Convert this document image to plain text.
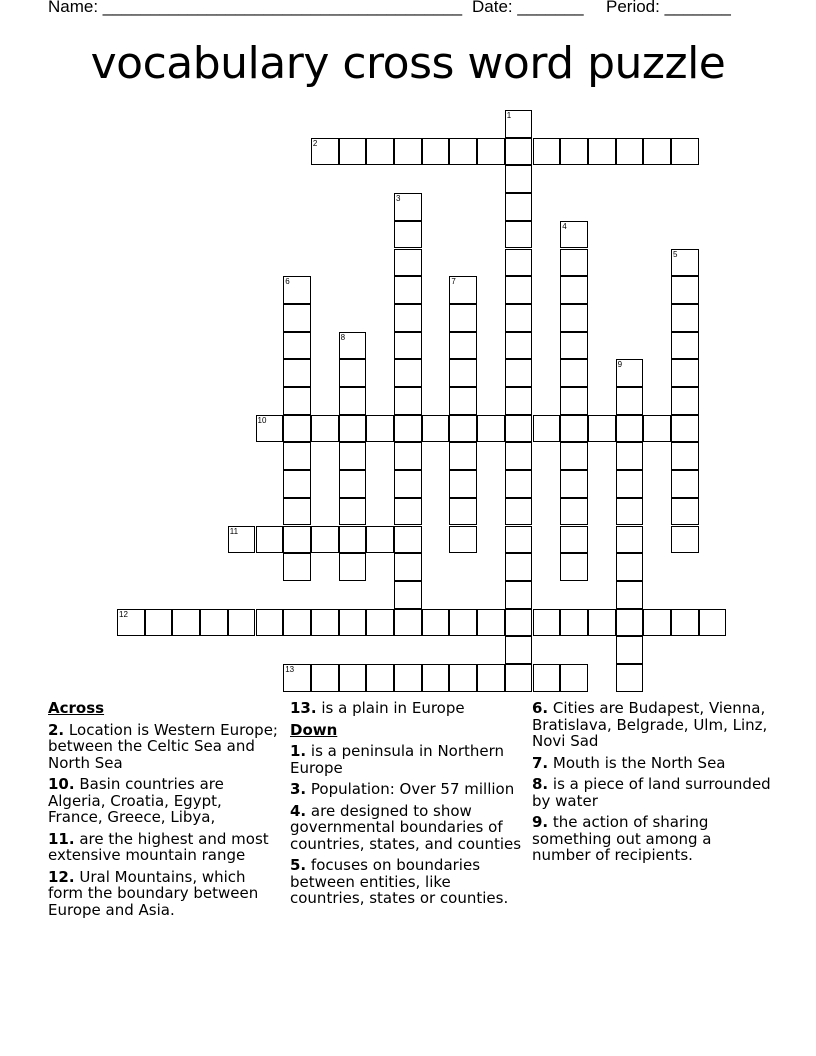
Name: ______________________________________ Date: _______ Period: _______
vocabulary cross word puzzle
2
10
11
12
13
1
3
4
5
6	7
8
9
Across
2. Location is Western Europe; between the Celtic Sea and North Sea
10. Basin countries are Algeria, Croatia, Egypt, France, Greece, Libya,
11. are the highest and most extensive mountain range
12. Ural Mountains, which form the boundary between Europe and Asia.
13. is a plain in Europe
Down
1. is a peninsula in Northern Europe
3. Population: Over 57 million
4. are designed to show governmental boundaries of countries, states, and counties
5. focuses on boundaries between entities, like countries, states or counties.
6. Cities are Budapest, Vienna, Bratislava, Belgrade, Ulm, Linz, Novi Sad
7. Mouth is the North Sea
8. is a piece of land surrounded by water
9. the action of sharing something out among a number of recipients.
